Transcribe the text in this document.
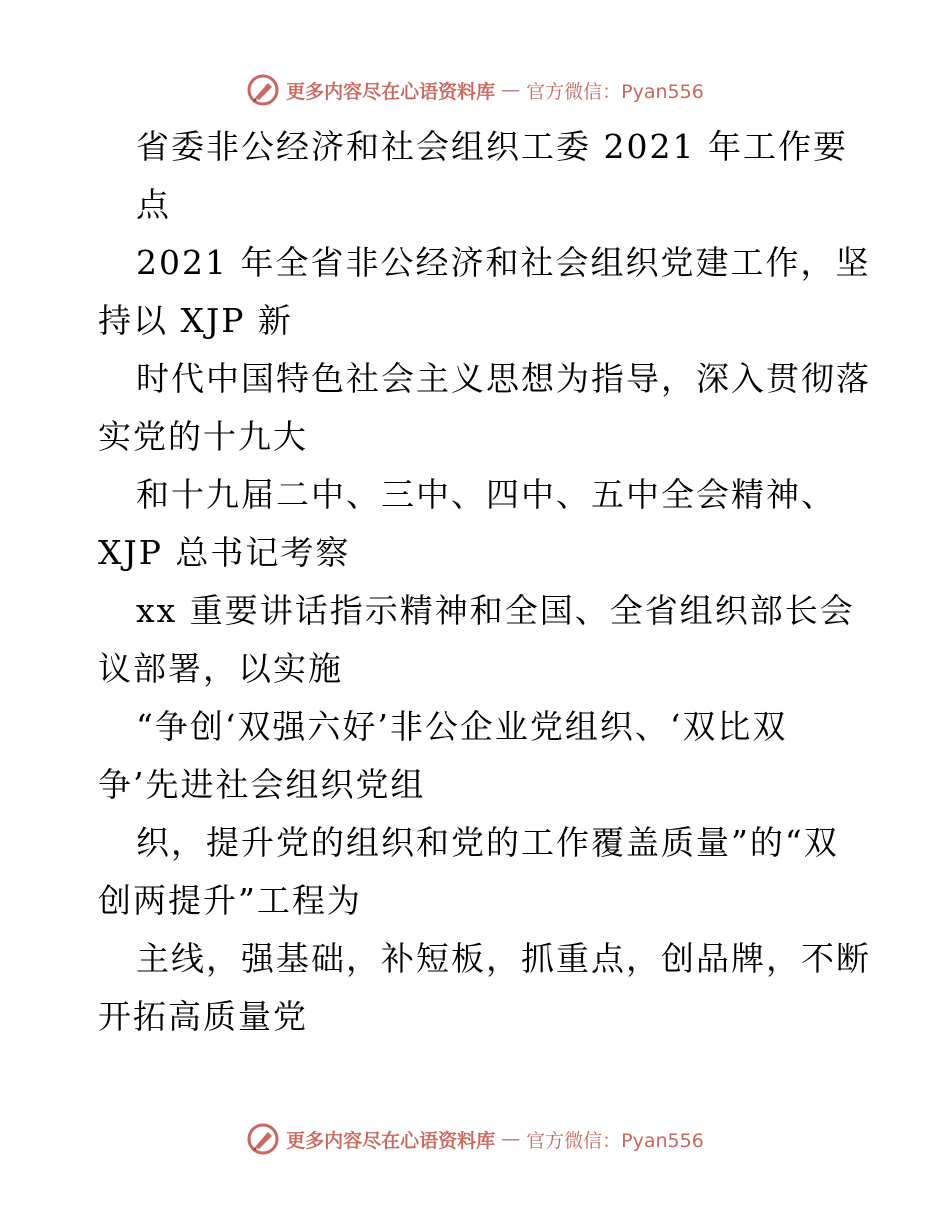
更多内容尽在心语资料库 — 官方微信：Pyan556
省委非公经济和社会组织工委 2021 年工作要
点
2021 年全省非公经济和社会组织党建工作，坚
持以 XJP 新
时代中国特色社会主义思想为指导，深入贯彻落
实党的十九大
和十九届二中、三中、四中、五中全会精神、
XJP 总书记考察
xx 重要讲话指示精神和全国、全省组织部长会
议部署，以实施
“争创‘双强六好’非公企业党组织、‘双比双
争’先进社会组织党组
织，提升党的组织和党的工作覆盖质量”的“双
创两提升”工程为
主线，强基础，补短板，抓重点，创品牌，不断
开拓高质量党
更多内容尽在心语资料库 — 官方微信：Pyan556
